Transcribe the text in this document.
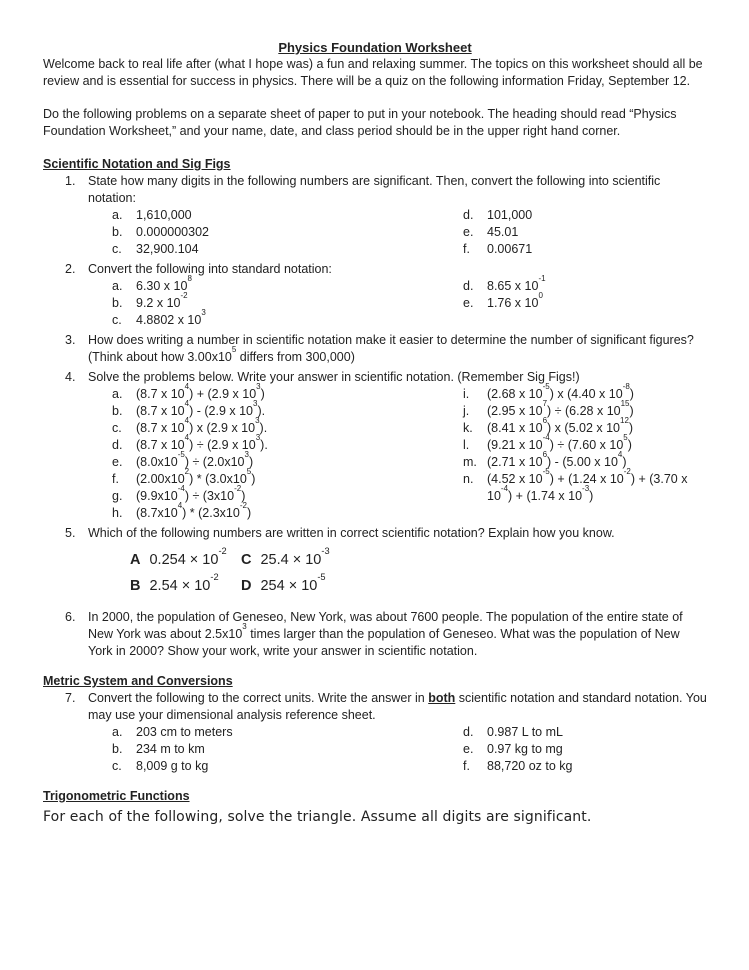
Physics Foundation Worksheet

Welcome back to real life after (what I hope was) a fun and relaxing summer. The topics on this worksheet should all be review and is essential for success in physics. There will be a quiz on the following information Friday, September 12.

Do the following problems on a separate sheet of paper to put in your notebook. The heading should read “Physics Foundation Worksheet,” and your name, date, and class period should be in the upper right hand corner.

Scientific Notation and Sig Figs
1.	State how many digits in the following numbers are significant. Then, convert the following into scientific notation:
a.	1,610,000
b.	0.000000302
c.	32,900.104
d.	101,000
e.	45.01
f.	0.00671
2.	Convert the following into standard notation:
a.	6.30 x $10^8$
b.	9.2 x $10^{-2}$
c.	4.8802 x $10^3$
d.	8.65 x $10^{-1}$
e.	1.76 x $10^0$
3.	How does writing a number in scientific notation make it easier to determine the number of significant figures? (Think about how $3.00x10^5$ differs from 300,000)
4.	Solve the problems below. Write your answer in scientific notation. (Remember Sig Figs!)
a.	(8.7 x $10^4) + (2.9$ x $10^3$)
b.	(8.7 x $10^4) - (2.9$ x $10^3$).
c.	(8.7 x $10^4$) x (2.9 x $10^3$).
d.	(8.7 x $10^4) \div (2.9$ x $10^3$).
e.	$(8.0x10^{-5}) \div (2.0x10^3)$
f.	$(2.00x10^2) * (3.0x10^5)$
g.	$(9.9x10^{-4}) \div (3x10^{-2})$
h.	$(8.7x10^4) * (2.3x10^{-2})$
i.	(2.68 x $10^{-5}$) x (4.40 x $10^{-8}$)
j.	(2.95 x $10^7) \div (6.28$ x $10^{15}$)
k.	(8.41 x $10^6$) x (5.02 x $10^{12}$)
l.	(9.21 x $10^{-4}) \div (7.60$ x $10^5$)
m. (2.71 x $10^6) - (5.00$ x $10^4$)
n.	(4.52 x $10^{-5}) + (1.24$ x $10^{-2}) + (3.70$ x $10^{-4}) + (1.74$ x $10^{-3}$)
5.	Which of the following numbers are written in correct scientific notation? Explain how you know.
A $0.254 \times 10^{-2}$
B $2.54 \times 10^{-2}$
C $25.4 \times 10^{-3}$
D $254 \times 10^{-5}$
6.	In 2000, the population of Geneseo, New York, was about 7600 people. The population of the entire state of New York was about $2.5x10^3$ times larger than the population of Geneseo. What was the population of New York in 2000? Show your work, write your answer in scientific notation.
Metric System and Conversions
7.	Convert the following to the correct units. Write the answer in both scientific notation and standard notation. You may use your dimensional analysis reference sheet.
a.	203 cm to meters
b.	234 m to km
c.	8,009 g to kg
d.	0.987 L to mL
e.	0.97 kg to mg
f.	88,720 oz to kg
Trigonometric Functions

For each of the following, solve the triangle. Assume all digits are significant.
